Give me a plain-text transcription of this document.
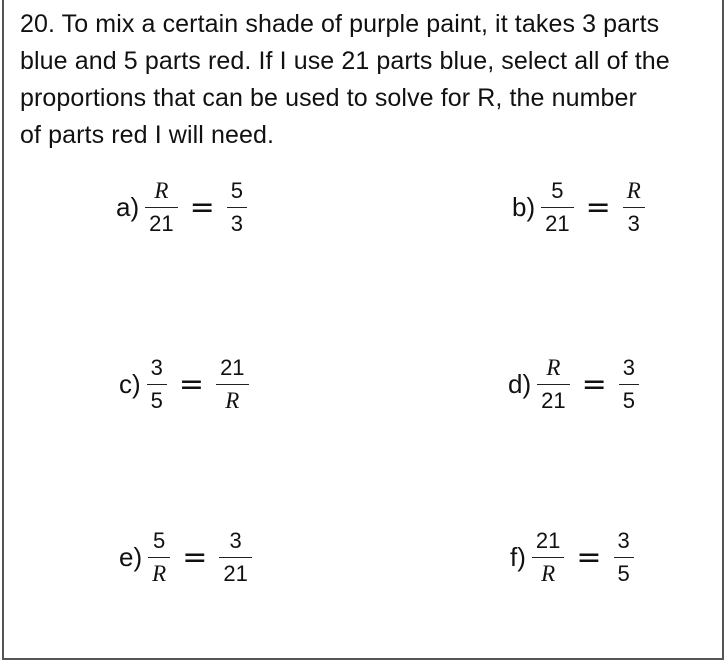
20. To mix a certain shade of purple paint, it takes 3 parts
blue and 5 parts red. If I use 21 parts blue, select all of the
proportions that can be used to solve for R, the number
of parts red I will need.
$a) \frac{R}{21} = \frac{5}{3}$	$b) \frac{5}{21} = \frac{R}{3}$
$c) \frac{3}{5} = \frac{21}{R}$	$d) \frac{R}{21} = \frac{3}{5}$
$e) \frac{5}{R} = \frac{3}{21}$	$f) \frac{21}{R} = \frac{3}{5}$
